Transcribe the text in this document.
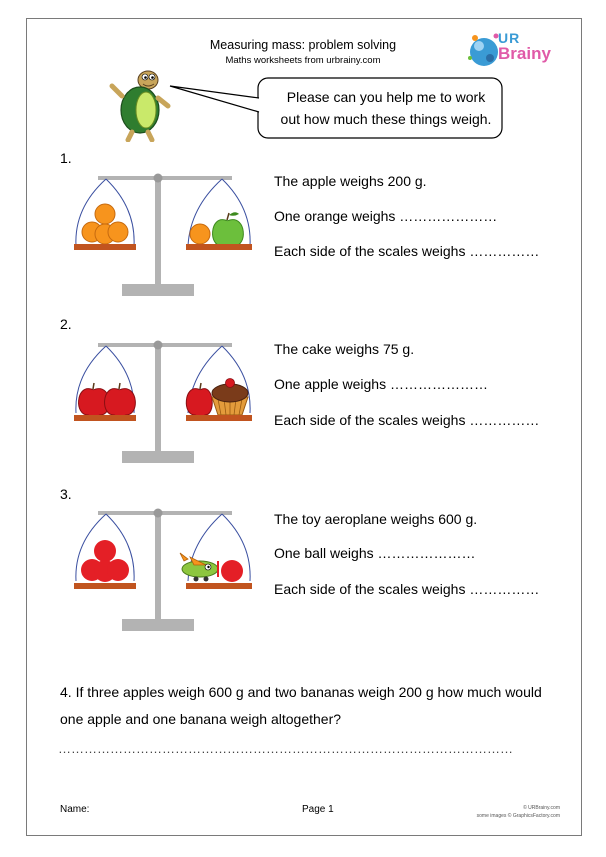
Measuring mass: problem solving
Maths worksheets from urbrainy.com
UR
Brainy
Please can you help me to work
out how much these things weigh.
1.
The apple weighs 200 g.
One orange weighs …………………
Each side of the scales weighs ……………
2.
The cake weighs 75 g.
One apple weighs …………………
Each side of the scales weighs ……………
3.
The toy aeroplane weighs 600 g.
One ball weighs …………………
Each side of the scales weighs ……………
4. If three apples weigh 600 g and two bananas weigh 200 g how much would one apple and one banana weigh altogether?
……………………………………………………………………………………………
Name:	Page 1	© URBrainy.com
some images © GraphicsFactory.com
